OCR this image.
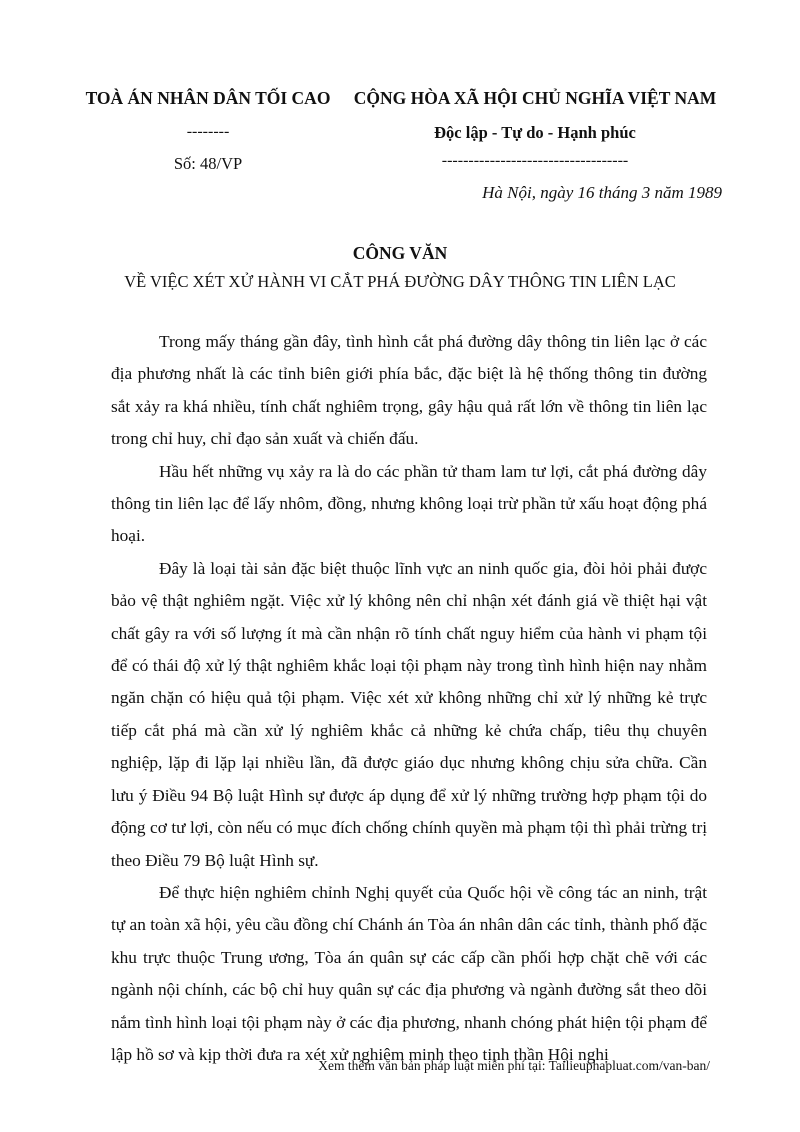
TOÀ ÁN NHÂN DÂN TỐI CAO
--------
Số: 48/VP
CỘNG HÒA XÃ HỘI CHỦ NGHĨA VIỆT NAM
Độc lập - Tự do - Hạnh phúc
-----------------------------------
Hà Nội, ngày 16 tháng 3 năm 1989
CÔNG VĂN
VỀ VIỆC XÉT XỬ HÀNH VI CẮT PHÁ ĐƯỜNG DÂY THÔNG TIN LIÊN LẠC

Trong mấy tháng gần đây, tình hình cắt phá đường dây thông tin liên lạc ở các địa phương nhất là các tỉnh biên giới phía bắc, đặc biệt là hệ thống thông tin đường sắt xảy ra khá nhiều, tính chất nghiêm trọng, gây hậu quả rất lớn về thông tin liên lạc trong chỉ huy, chỉ đạo sản xuất và chiến đấu.

Hầu hết những vụ xảy ra là do các phần tử tham lam tư lợi, cắt phá đường dây thông tin liên lạc để lấy nhôm, đồng, nhưng không loại trừ phần tử xấu hoạt động phá hoại.

Đây là loại tài sản đặc biệt thuộc lĩnh vực an ninh quốc gia, đòi hỏi phải được bảo vệ thật nghiêm ngặt. Việc xử lý không nên chỉ nhận xét đánh giá về thiệt hại vật chất gây ra với số lượng ít mà cần nhận rõ tính chất nguy hiểm của hành vi phạm tội để có thái độ xử lý thật nghiêm khắc loại tội phạm này trong tình hình hiện nay nhằm ngăn chặn có hiệu quả tội phạm. Việc xét xử không những chỉ xử lý những kẻ trực tiếp cắt phá mà cần xử lý nghiêm khắc cả những kẻ chứa chấp, tiêu thụ chuyên nghiệp, lặp đi lặp lại nhiều lần, đã được giáo dục nhưng không chịu sửa chữa. Cần lưu ý Điều 94 Bộ luật Hình sự được áp dụng để xử lý những trường hợp phạm tội do động cơ tư lợi, còn nếu có mục đích chống chính quyền mà phạm tội thì phải trừng trị theo Điều 79 Bộ luật Hình sự.

Để thực hiện nghiêm chỉnh Nghị quyết của Quốc hội về công tác an ninh, trật tự an toàn xã hội, yêu cầu đồng chí Chánh án Tòa án nhân dân các tỉnh, thành phố đặc khu trực thuộc Trung ương, Tòa án quân sự các cấp cần phối hợp chặt chẽ với các ngành nội chính, các bộ chỉ huy quân sự các địa phương và ngành đường sắt theo dõi nắm tình hình loại tội phạm này ở các địa phương, nhanh chóng phát hiện tội phạm để lập hồ sơ và kịp thời đưa ra xét xử nghiêm minh theo tinh thần Hội nghị

Xem thêm văn bản pháp luật miễn phí tại: Tailieuphapluat.com/van-ban/
